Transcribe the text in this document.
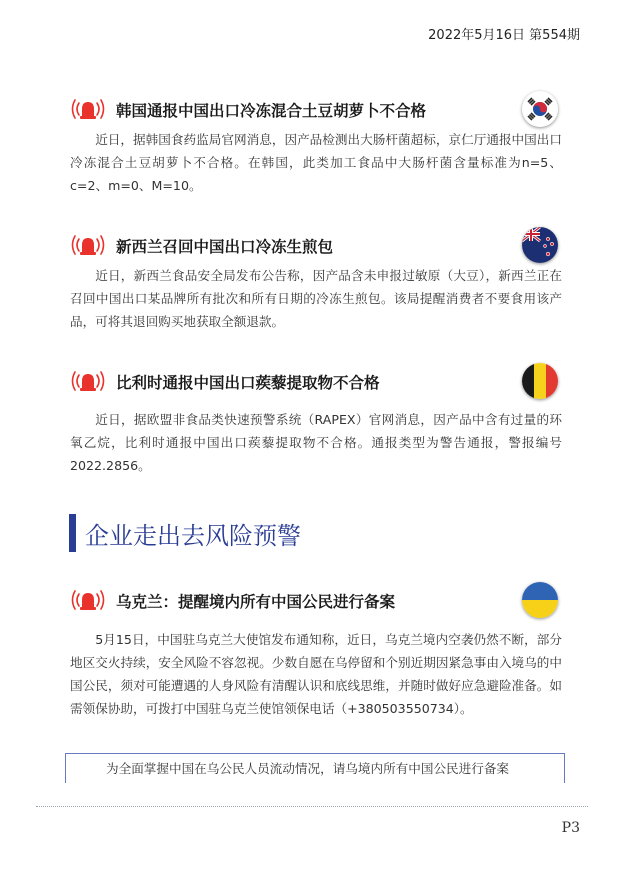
2022年5月16日 第554期
韩国通报中国出口冷冻混合土豆胡萝卜不合格

近日，据韩国食药监局官网消息，因产品检测出大肠杆菌超标，京仁厅通报中国出口冷冻混合土豆胡萝卜不合格。在韩国，此类加工食品中大肠杆菌含量标准为n=5、c=2、m=0、M=10。

新西兰召回中国出口冷冻生煎包

近日，新西兰食品安全局发布公告称，因产品含未申报过敏原（大豆），新西兰正在召回中国出口某品牌所有批次和所有日期的冷冻生煎包。该局提醒消费者不要食用该产品，可将其退回购买地获取全额退款。

比利时通报中国出口蒺藜提取物不合格

近日，据欧盟非食品类快速预警系统（RAPEX）官网消息，因产品中含有过量的环氧乙烷，比利时通报中国出口蒺藜提取物不合格。通报类型为警告通报，警报编号2022.2856。

企业走出去风险预警
乌克兰：提醒境内所有中国公民进行备案

5月15日，中国驻乌克兰大使馆发布通知称，近日，乌克兰境内空袭仍然不断，部分地区交火持续，安全风险不容忽视。少数自愿在乌停留和个别近期因紧急事由入境乌的中国公民，须对可能遭遇的人身风险有清醒认识和底线思维，并随时做好应急避险准备。如需领保协助，可拨打中国驻乌克兰使馆领保电话（+380503550734）。

为全面掌握中国在乌公民人员流动情况，请乌境内所有中国公民进行备案
P3
